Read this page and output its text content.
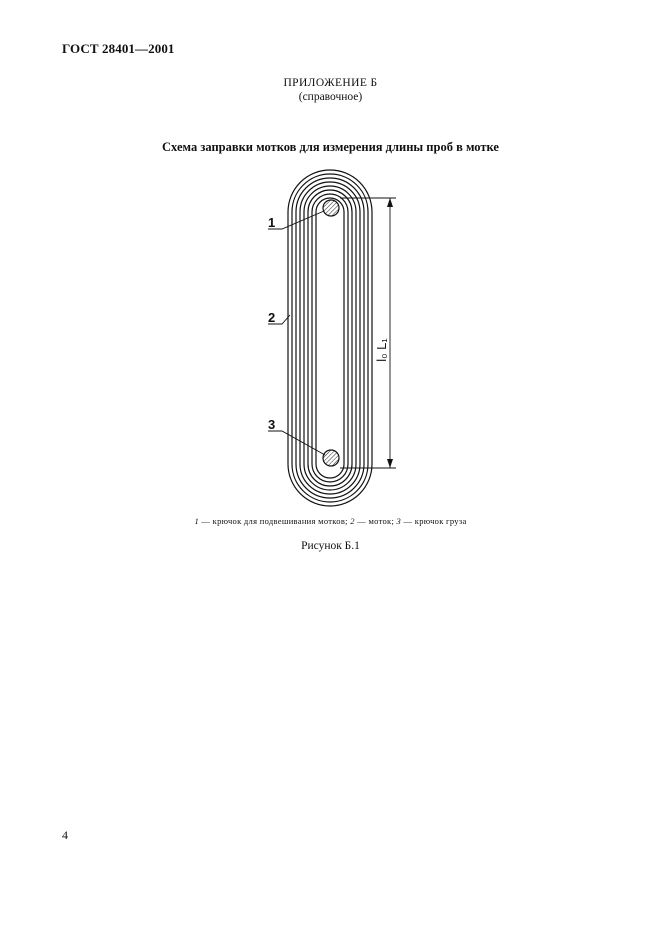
ГОСТ 28401—2001
ПРИЛОЖЕНИЕ Б
(справочное)
Схема заправки мотков для измерения длины проб в мотке
1
2
3
l₀ L₁
1 — крючок для подвешивания мотков; 2 — моток; 3 — крючок груза
Рисунок Б.1
4
